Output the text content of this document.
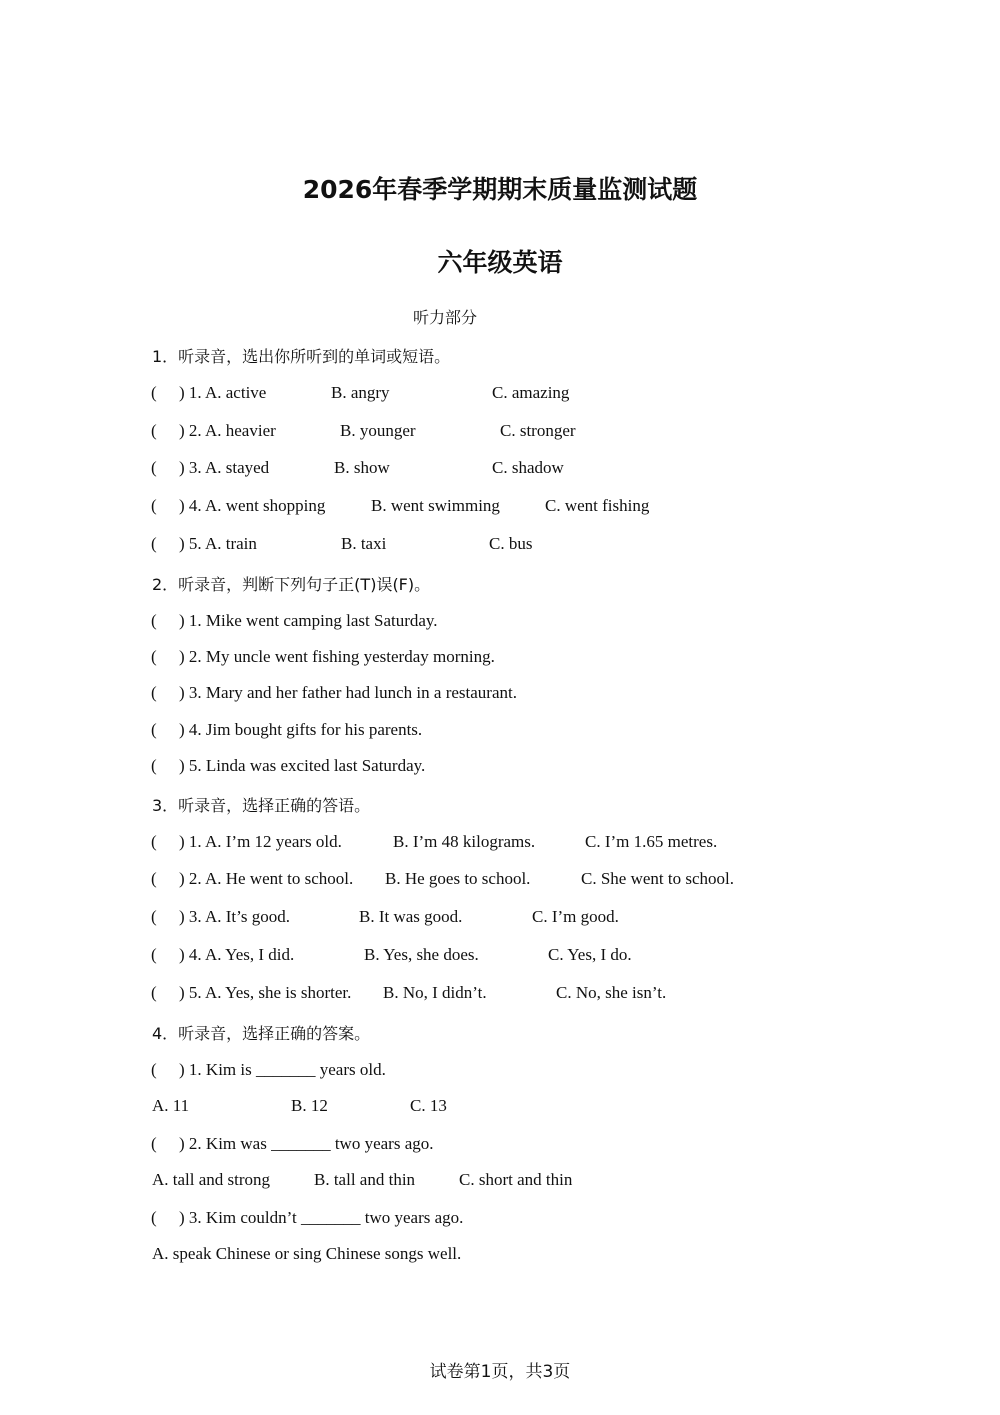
2026年春季学期期末质量监测试题
六年级英语
听力部分
1．听录音，选出你所听到的单词或短语。
( ) 1. A. active	B. angry	C. amazing
( ) 2. A. heavier	B. younger	C. stronger
( ) 3. A. stayed	B. show	C. shadow
( ) 4. A. went shopping	B. went swimming	C. went fishing
( ) 5. A. train	B. taxi	C. bus
2．听录音，判断下列句子正(T)误(F)。
( ) 1. Mike went camping last Saturday.
( ) 2. My uncle went fishing yesterday morning.
( ) 3. Mary and her father had lunch in a restaurant.
( ) 4. Jim bought gifts for his parents.
( ) 5. Linda was excited last Saturday.
3．听录音，选择正确的答语。
( ) 1. A. I’m 12 years old.	B. I’m 48 kilograms.	C. I’m 1.65 metres.
( ) 2. A. He went to school. B. He goes to school.	C. She went to school.
( ) 3. A. It’s good.	B. It was good.	C. I’m good.
( ) 4. A. Yes, I did.	B. Yes, she does.	C. Yes, I do.
( ) 5. A. Yes, she is shorter. B. No, I didn’t.	C. No, she isn’t.
4．听录音，选择正确的答案。
( ) 1. Kim is _______ years old.
A. 11	B. 12	C. 13
( ) 2. Kim was _______ two years ago.
A. tall and strong	B. tall and thin	C. short and thin
( ) 3. Kim couldn’t _______ two years ago.
A. speak Chinese or sing Chinese songs well.
试卷第1页，共3页
